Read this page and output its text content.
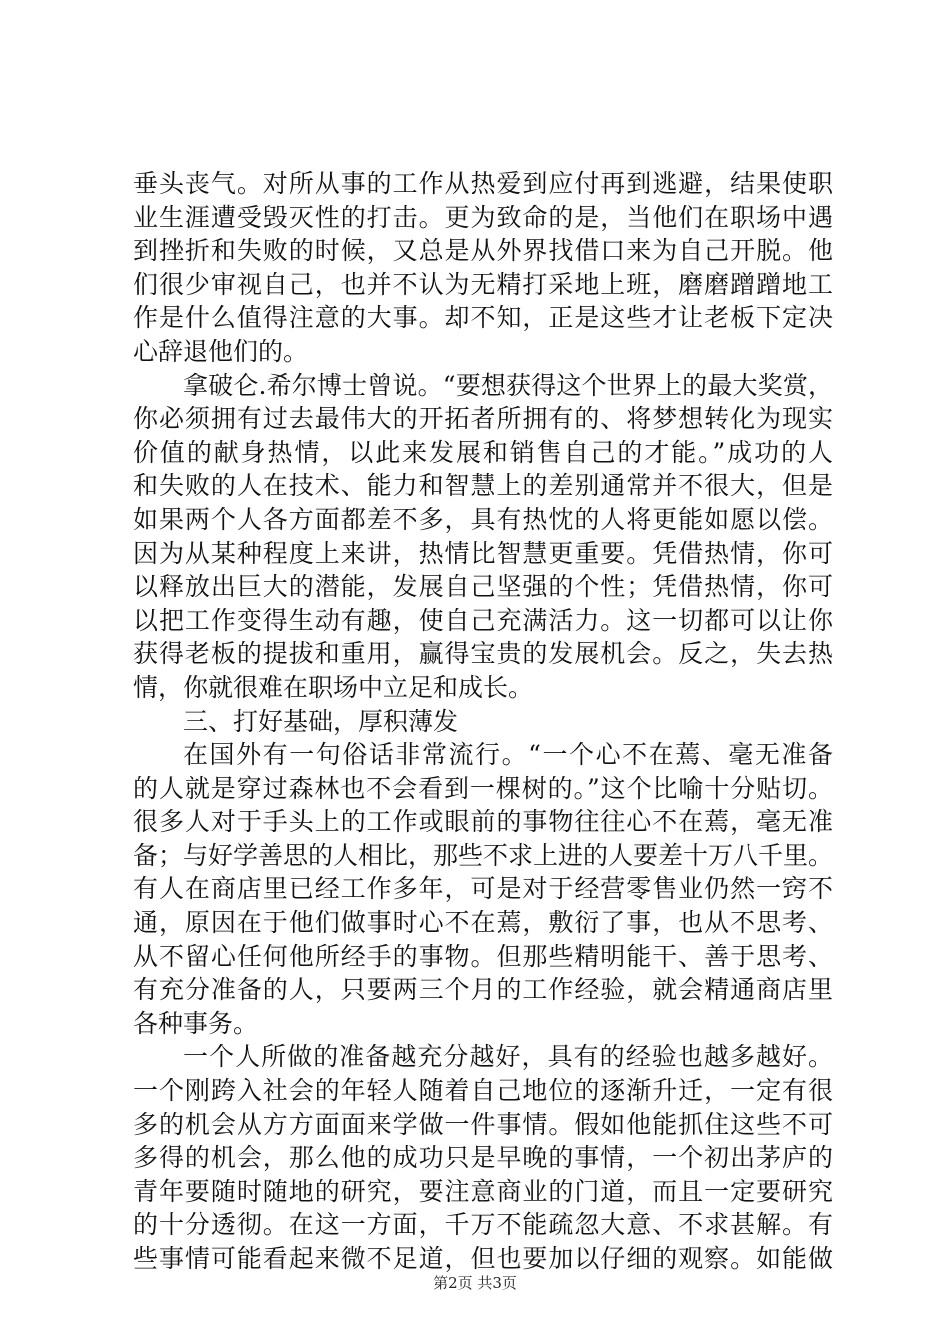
垂头丧气。对所从事的工作从热爱到应付再到逃避，结果使职
业生涯遭受毁灭性的打击。更为致命的是，当他们在职场中遇
到挫折和失败的时候，又总是从外界找借口来为自己开脱。他
们很少审视自己，也并不认为无精打采地上班，磨磨蹭蹭地工
作是什么值得注意的大事。却不知，正是这些才让老板下定决
心辞退他们的。
拿破仑.希尔博士曾说。“要想获得这个世界上的最大奖赏，
你必须拥有过去最伟大的开拓者所拥有的、将梦想转化为现实
价值的献身热情，以此来发展和销售自己的才能。”成功的人
和失败的人在技术、能力和智慧上的差别通常并不很大，但是
如果两个人各方面都差不多，具有热忱的人将更能如愿以偿。
因为从某种程度上来讲，热情比智慧更重要。凭借热情，你可
以释放出巨大的潜能，发展自己坚强的个性；凭借热情，你可
以把工作变得生动有趣，使自己充满活力。这一切都可以让你
获得老板的提拔和重用，赢得宝贵的发展机会。反之，失去热
情，你就很难在职场中立足和成长。
三、打好基础，厚积薄发
在国外有一句俗话非常流行。“一个心不在蔫、毫无准备
的人就是穿过森林也不会看到一棵树的。”这个比喻十分贴切。
很多人对于手头上的工作或眼前的事物往往心不在蔫，毫无准
备；与好学善思的人相比，那些不求上进的人要差十万八千里。
有人在商店里已经工作多年，可是对于经营零售业仍然一窍不
通，原因在于他们做事时心不在蔫，敷衍了事，也从不思考、
从不留心任何他所经手的事物。但那些精明能干、善于思考、
有充分准备的人，只要两三个月的工作经验，就会精通商店里
各种事务。
一个人所做的准备越充分越好，具有的经验也越多越好。
一个刚跨入社会的年轻人随着自己地位的逐渐升迁，一定有很
多的机会从方方面面来学做一件事情。假如他能抓住这些不可
多得的机会，那么他的成功只是早晚的事情，一个初出茅庐的
青年要随时随地的研究，要注意商业的门道，而且一定要研究
的十分透彻。在这一方面，千万不能疏忽大意、不求甚解。有
些事情可能看起来微不足道，但也要加以仔细的观察。如能做
第2页 共3页
